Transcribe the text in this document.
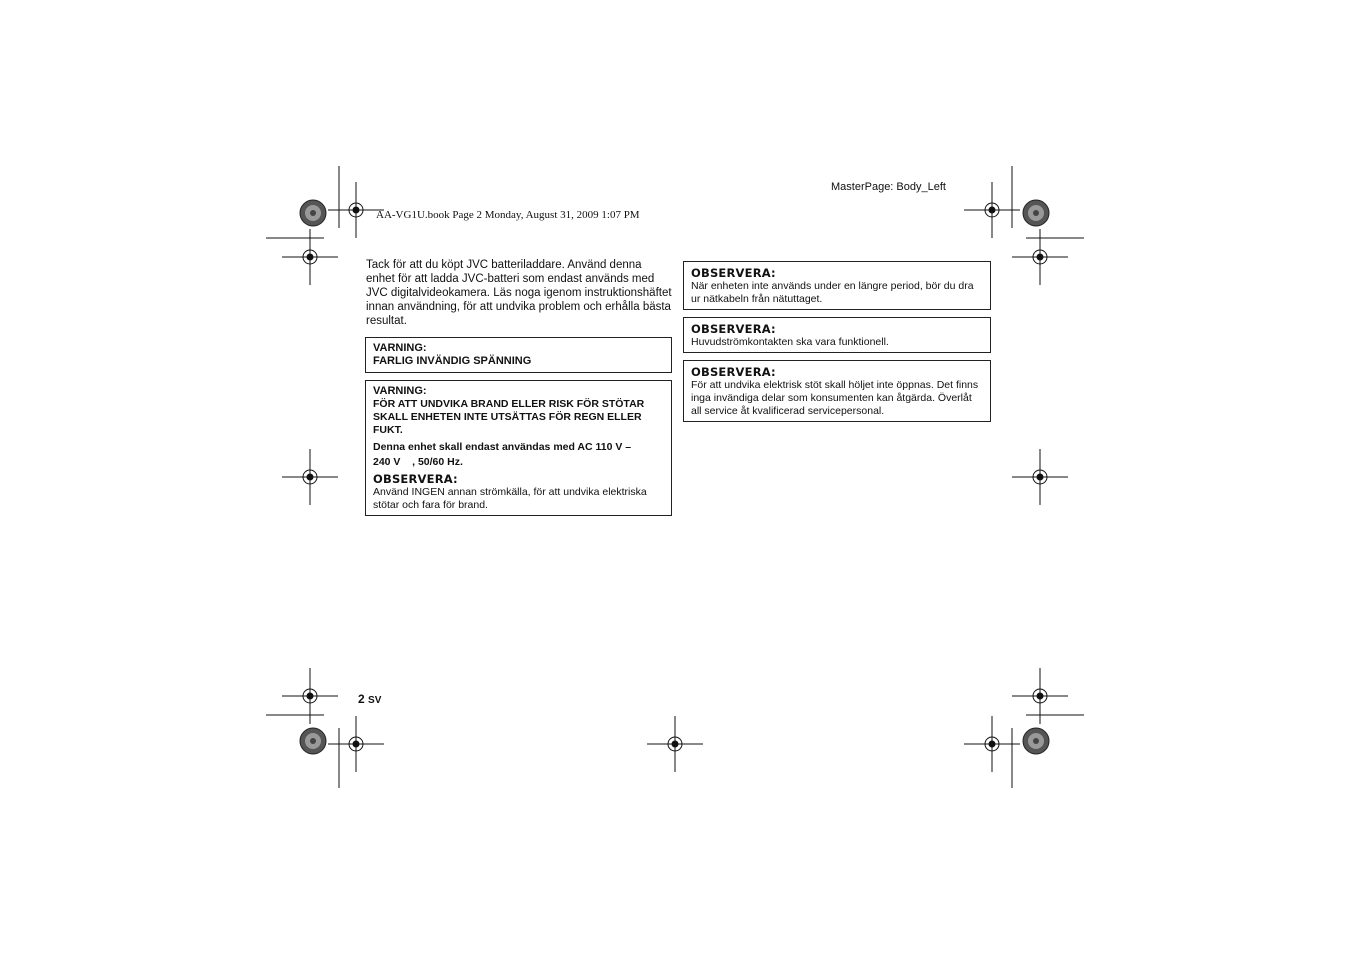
MasterPage: Body_Left
AA-VG1U.book Page 2 Monday, August 31, 2009 1:07 PM
Tack för att du köpt JVC batteriladdare. Använd denna enhet för att ladda JVC-batteri som endast används med JVC digitalvideokamera. Läs noga igenom instruktionshäftet innan användning, för att undvika problem och erhålla bästa resultat.
VARNING:
FARLIG INVÄNDIG SPÄNNING
VARNING:
FÖR ATT UNDVIKA BRAND ELLER RISK FÖR STÖTAR SKALL ENHETEN INTE UTSÄTTAS FÖR REGN ELLER FUKT.
Denna enhet skall endast användas med AC 110 V –
240 V    , 50/60 Hz.
OBSERVERA:
Använd INGEN annan strömkälla, för att undvika elektriska stötar och fara för brand.
OBSERVERA:
När enheten inte används under en längre period, bör du dra ur nätkabeln från nätuttaget.
OBSERVERA:
Huvudströmkontakten ska vara funktionell.
OBSERVERA:
För att undvika elektrisk stöt skall höljet inte öppnas. Det finns inga invändiga delar som konsumenten kan åtgärda. Överlåt all service åt kvalificerad servicepersonal.
2 SV
